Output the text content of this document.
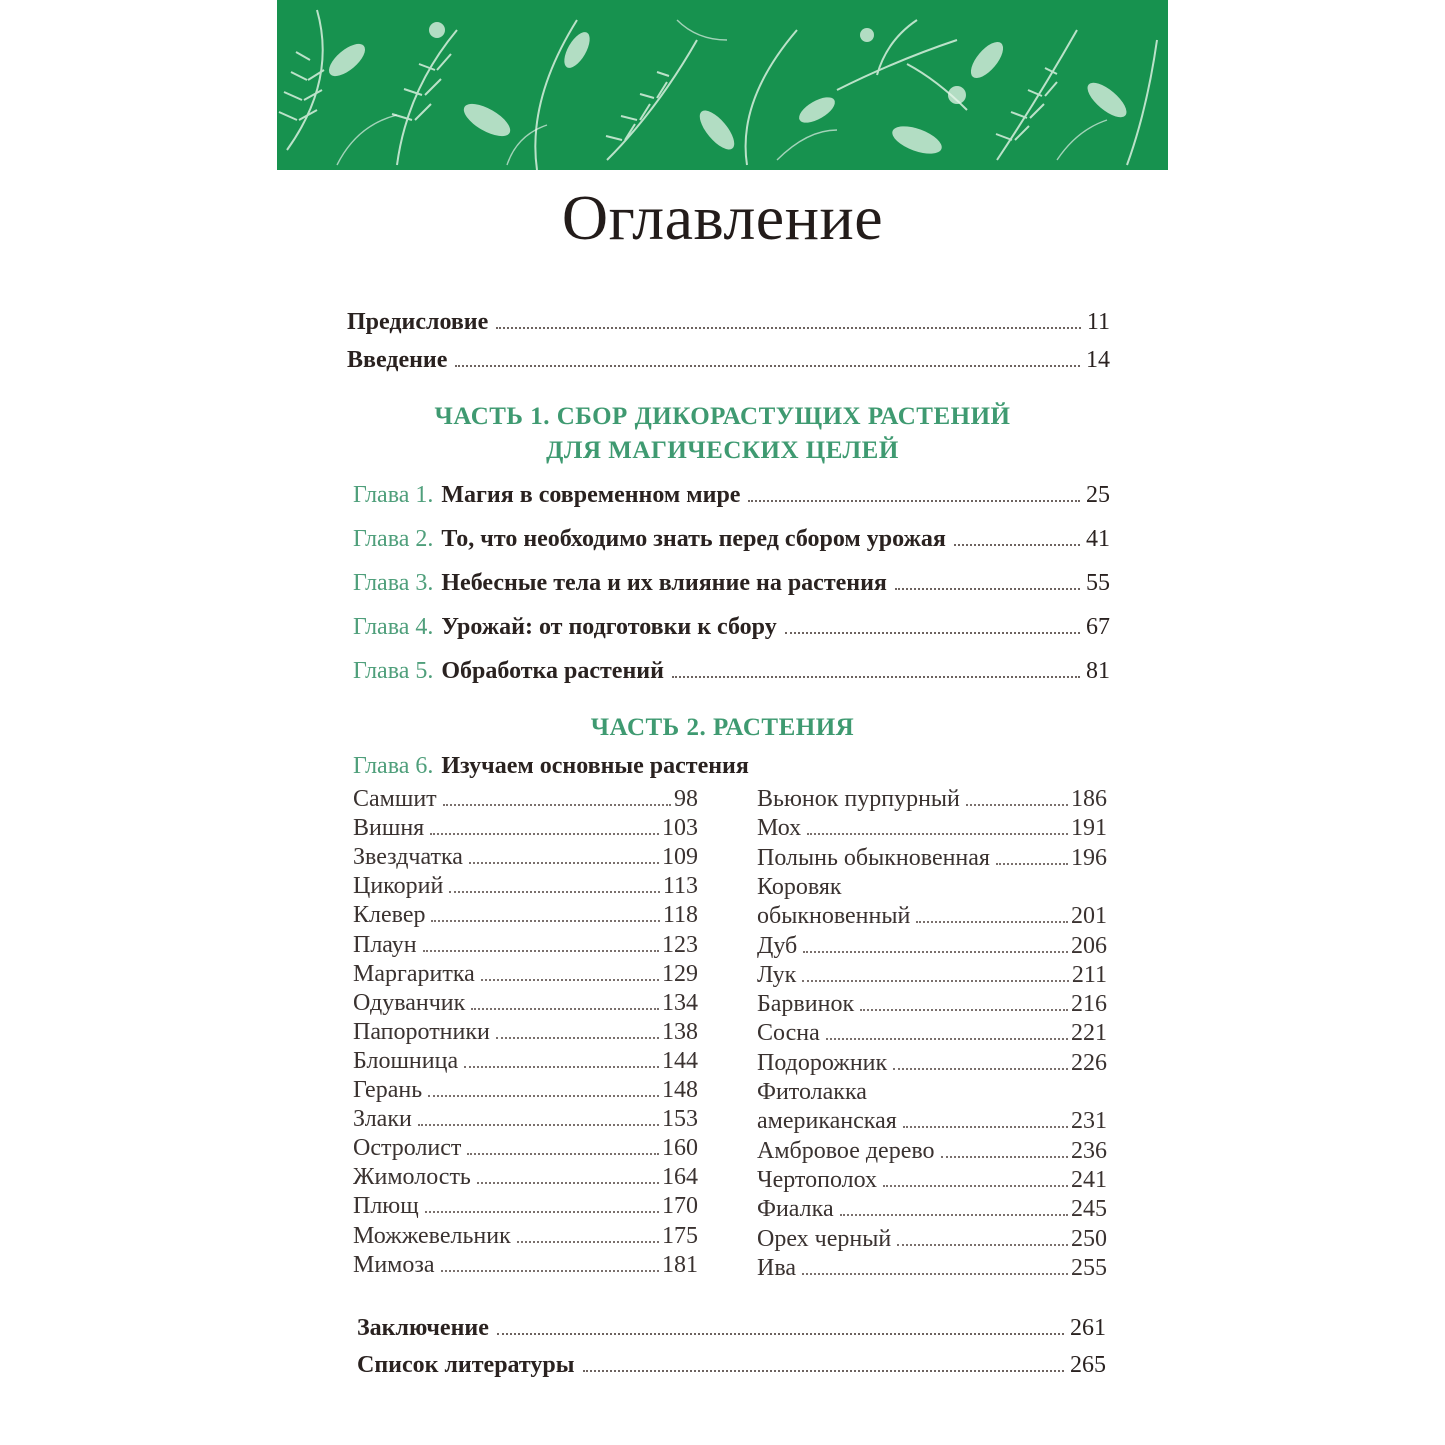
Оглавление
Предисловие	11
Введение	14
ЧАСТЬ 1. СБОР ДИКОРАСТУЩИХ РАСТЕНИЙ
ДЛЯ МАГИЧЕСКИХ ЦЕЛЕЙ
Глава 1. Магия в современном мире	25
Глава 2. То, что необходимо знать перед сбором урожая	41
Глава 3. Небесные тела и их влияние на растения	55
Глава 4. Урожай: от подготовки к сбору	67
Глава 5. Обработка растений	81
ЧАСТЬ 2. РАСТЕНИЯ
Глава 6. Изучаем основные растения
Самшит	98
Вишня	103
Звездчатка	109
Цикорий	113
Клевер	118
Плаун	123
Маргаритка	129
Одуванчик	134
Папоротники	138
Блошница	144
Герань	148
Злаки	153
Остролист	160
Жимолость	164
Плющ	170
Можжевельник	175
Мимоза	181
Вьюнок пурпурный	186
Мох	191
Полынь обыкновенная	196
Коровяк
обыкновенный	201
Дуб	206
Лук	211
Барвинок	216
Сосна	221
Подорожник	226
Фитолакка
американская	231
Амбровое дерево	236
Чертополох	241
Фиалка	245
Орех черный	250
Ива	255
Заключение	261
Список литературы	265
